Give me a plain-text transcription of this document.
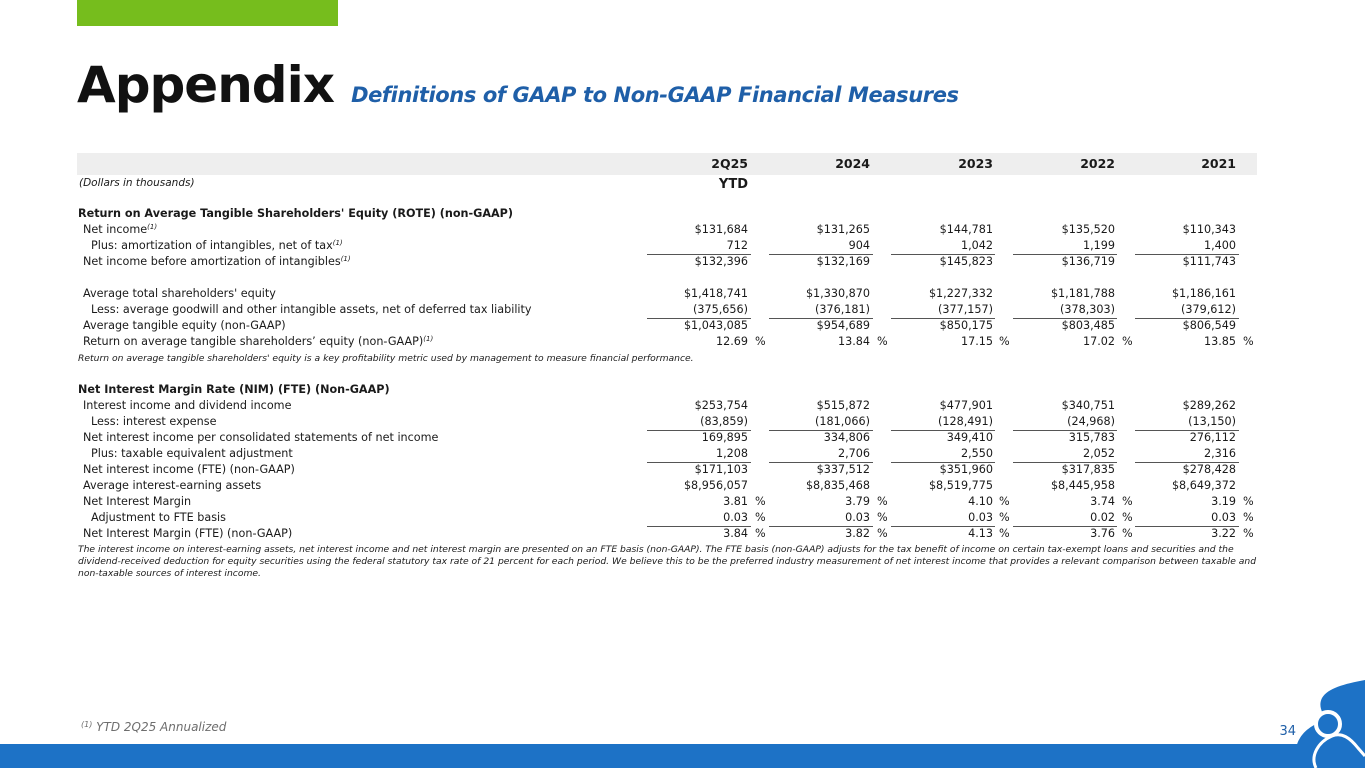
Appendix Definitions of GAAP to Non-GAAP Financial Measures
2Q25	2024	2023	2022	2021
(Dollars in thousands)	YTD
Return on Average Tangible Shareholders' Equity (ROTE) (non-GAAP)
Net income$^{(1)}$	$131,684	$131,265	$144,781	$135,520	$110,343
Plus: amortization of intangibles, net of tax$^{(1)}$	712	904	1,042	1,199	1,400
Net income before amortization of intangibles$^{(1)}$	$132,396	$132,169	$145,823	$136,719	$111,743
Average total shareholders' equity	$1,418,741	$1,330,870	$1,227,332	$1,181,788	$1,186,161
Less: average goodwill and other intangible assets, net of deferred tax liability	(375,656)	(376,181)	(377,157)	(378,303)	(379,612)
Average tangible equity (non-GAAP)	$1,043,085	$954,689	$850,175	$803,485	$806,549
Return on average tangible shareholders’ equity (non-GAAP)$^{(1)}$	12.69 %	13.84 %	17.15 %	17.02 %	13.85 %
Return on average tangible shareholders' equity is a key profitability metric used by management to measure financial performance.
Net Interest Margin Rate (NIM) (FTE) (Non-GAAP)
Interest income and dividend income	$253,754	$515,872	$477,901	$340,751	$289,262
Less: interest expense	(83,859)	(181,066)	(128,491)	(24,968)	(13,150)
Net interest income per consolidated statements of net income	169,895	334,806	349,410	315,783	276,112
Plus: taxable equivalent adjustment	1,208	2,706	2,550	2,052	2,316
Net interest income (FTE) (non-GAAP)	$171,103	$337,512	$351,960	$317,835	$278,428
Average interest-earning assets	$8,956,057	$8,835,468	$8,519,775	$8,445,958	$8,649,372
Net Interest Margin	3.81 %	3.79 %	4.10 %	3.74 %	3.19 %
Adjustment to FTE basis	0.03 %	0.03 %	0.03 %	0.02 %	0.03 %
Net Interest Margin (FTE) (non-GAAP)	3.84 %	3.82 %	4.13 %	3.76 %	3.22 %
The interest income on interest-earning assets, net interest income and net interest margin are presented on an FTE basis (non-GAAP). The FTE basis (non-GAAP) adjusts for the tax benefit of income on certain tax-exempt loans and securities and the dividend-received deduction for equity securities using the federal statutory tax rate of 21 percent for each period. We believe this to be the preferred industry measurement of net interest income that provides a relevant comparison between taxable and non-taxable sources of interest income.
$^{(1)}$ YTD 2Q25 Annualized	34
